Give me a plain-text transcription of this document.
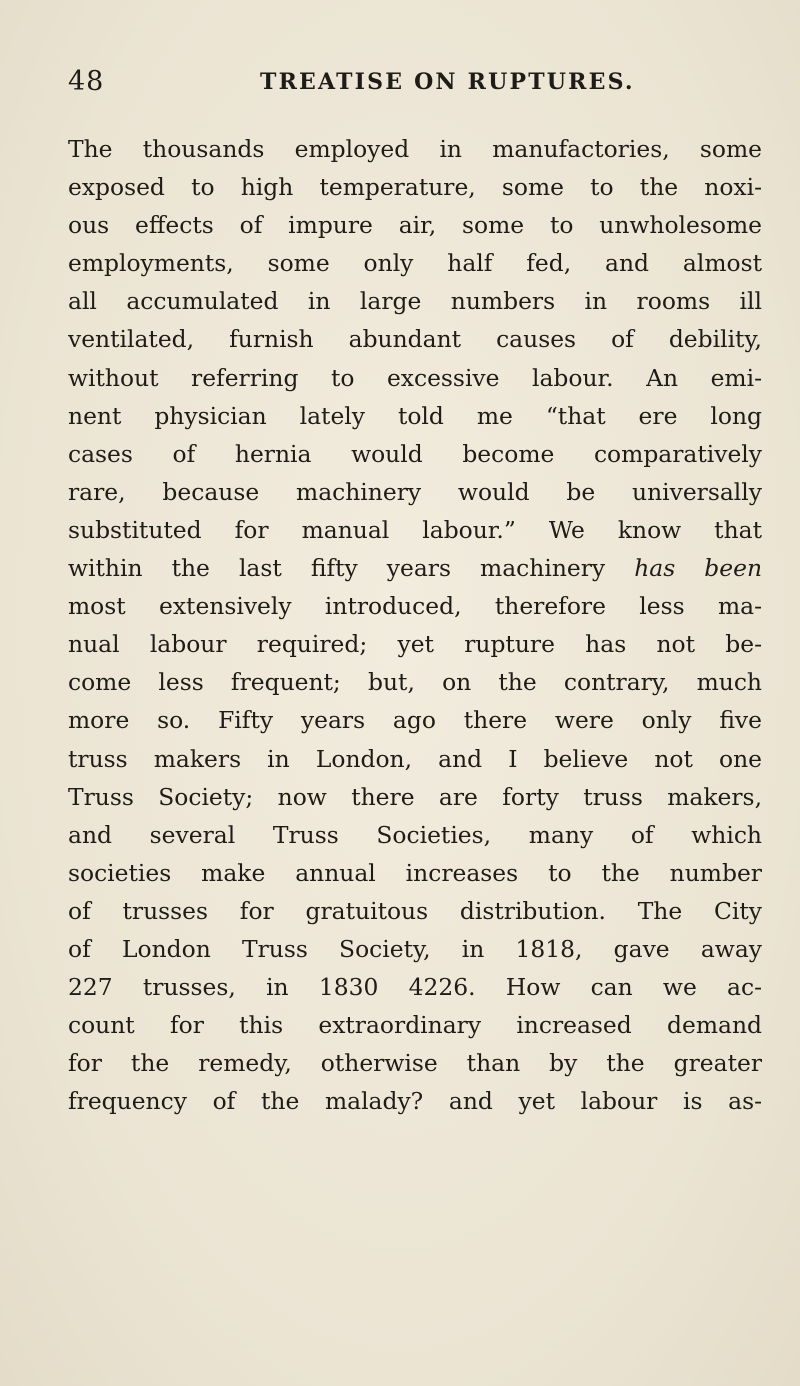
48	TREATISE ON RUPTURES.
The thousands employed in manufactories, some
exposed to high temperature, some to the noxi-
ous effects of impure air, some to unwholesome
employments, some only half fed, and almost
all accumulated in large numbers in rooms ill
ventilated, furnish abundant causes of debility,
without referring to excessive labour. An emi-
nent physician lately told me “that ere long
cases of hernia would become comparatively
rare, because machinery would be universally
substituted for manual labour.” We know that
within the last fifty years machinery has been
most extensively introduced, therefore less ma-
nual labour required; yet rupture has not be-
come less frequent; but, on the contrary, much
more so. Fifty years ago there were only five
truss makers in London, and I believe not one
Truss Society; now there are forty truss makers,
and several Truss Societies, many of which
societies make annual increases to the number
of trusses for gratuitous distribution. The City
of London Truss Society, in 1818, gave away
227 trusses, in 1830 4226. How can we ac-
count for this extraordinary increased demand
for the remedy, otherwise than by the greater
frequency of the malady? and yet labour is as-
